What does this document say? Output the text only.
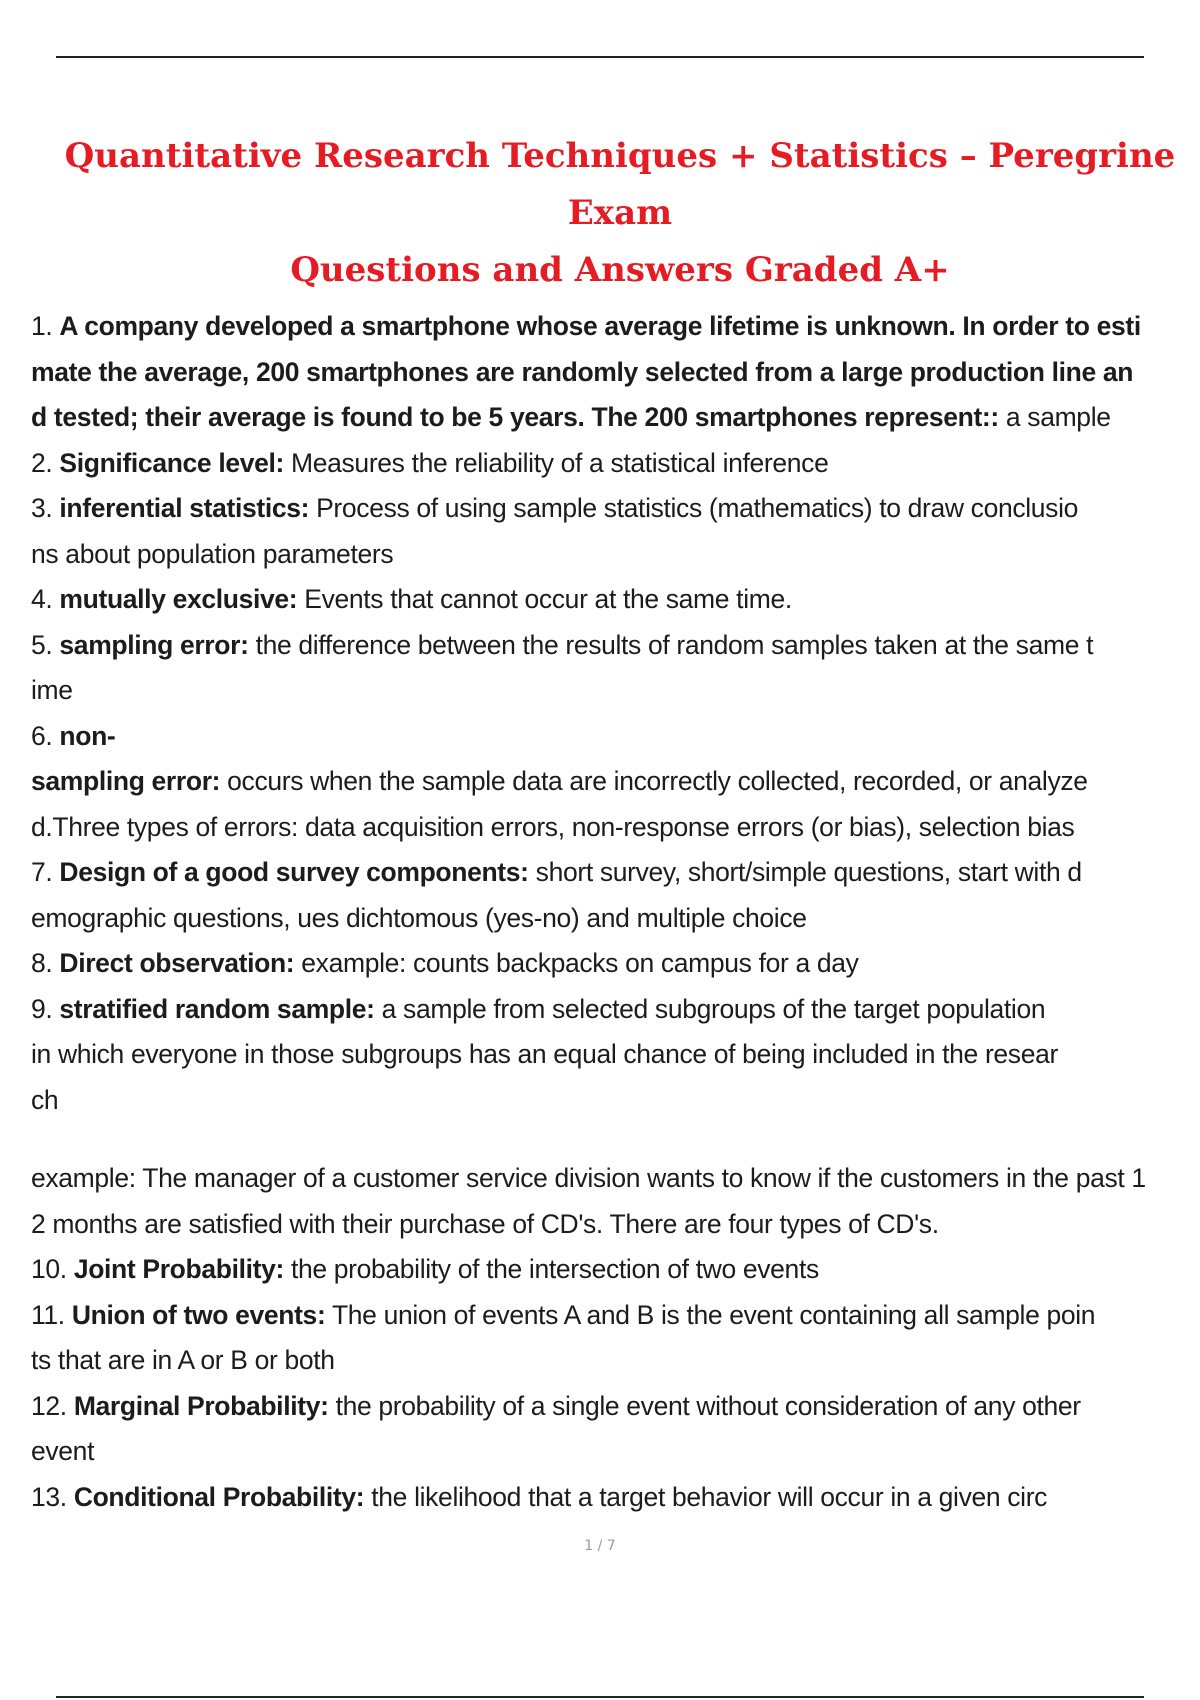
Quantitative Research Techniques + Statistics – Peregrine Exam
Questions and Answers Graded A+

1. A company developed a smartphone whose average lifetime is unknown. In order to esti

mate the average, 200 smartphones are randomly selected from a large production line an

d tested; their average is found to be 5 years. The 200 smartphones represent:: a sample

2. Significance level: Measures the reliability of a statistical inference

3. inferential statistics: Process of using sample statistics (mathematics) to draw conclusio

ns about population parameters

4. mutually exclusive: Events that cannot occur at the same time.

5. sampling error: the difference between the results of random samples taken at the same t

ime

6. non-

sampling error: occurs when the sample data are incorrectly collected, recorded, or analyze

d.Three types of errors: data acquisition errors, non-response errors (or bias), selection bias

7. Design of a good survey components: short survey, short/simple questions, start with d

emographic questions, ues dichtomous (yes-no) and multiple choice

8. Direct observation: example: counts backpacks on campus for a day

9. stratified random sample: a sample from selected subgroups of the target population

in which everyone in those subgroups has an equal chance of being included in the resear

ch

example: The manager of a customer service division wants to know if the customers in the past 1

2 months are satisfied with their purchase of CD's. There are four types of CD's.

10. Joint Probability: the probability of the intersection of two events

11. Union of two events: The union of events A and B is the event containing all sample poin

ts that are in A or B or both

12. Marginal Probability: the probability of a single event without consideration of any other

event

13. Conditional Probability: the likelihood that a target behavior will occur in a given circ

1 / 7
